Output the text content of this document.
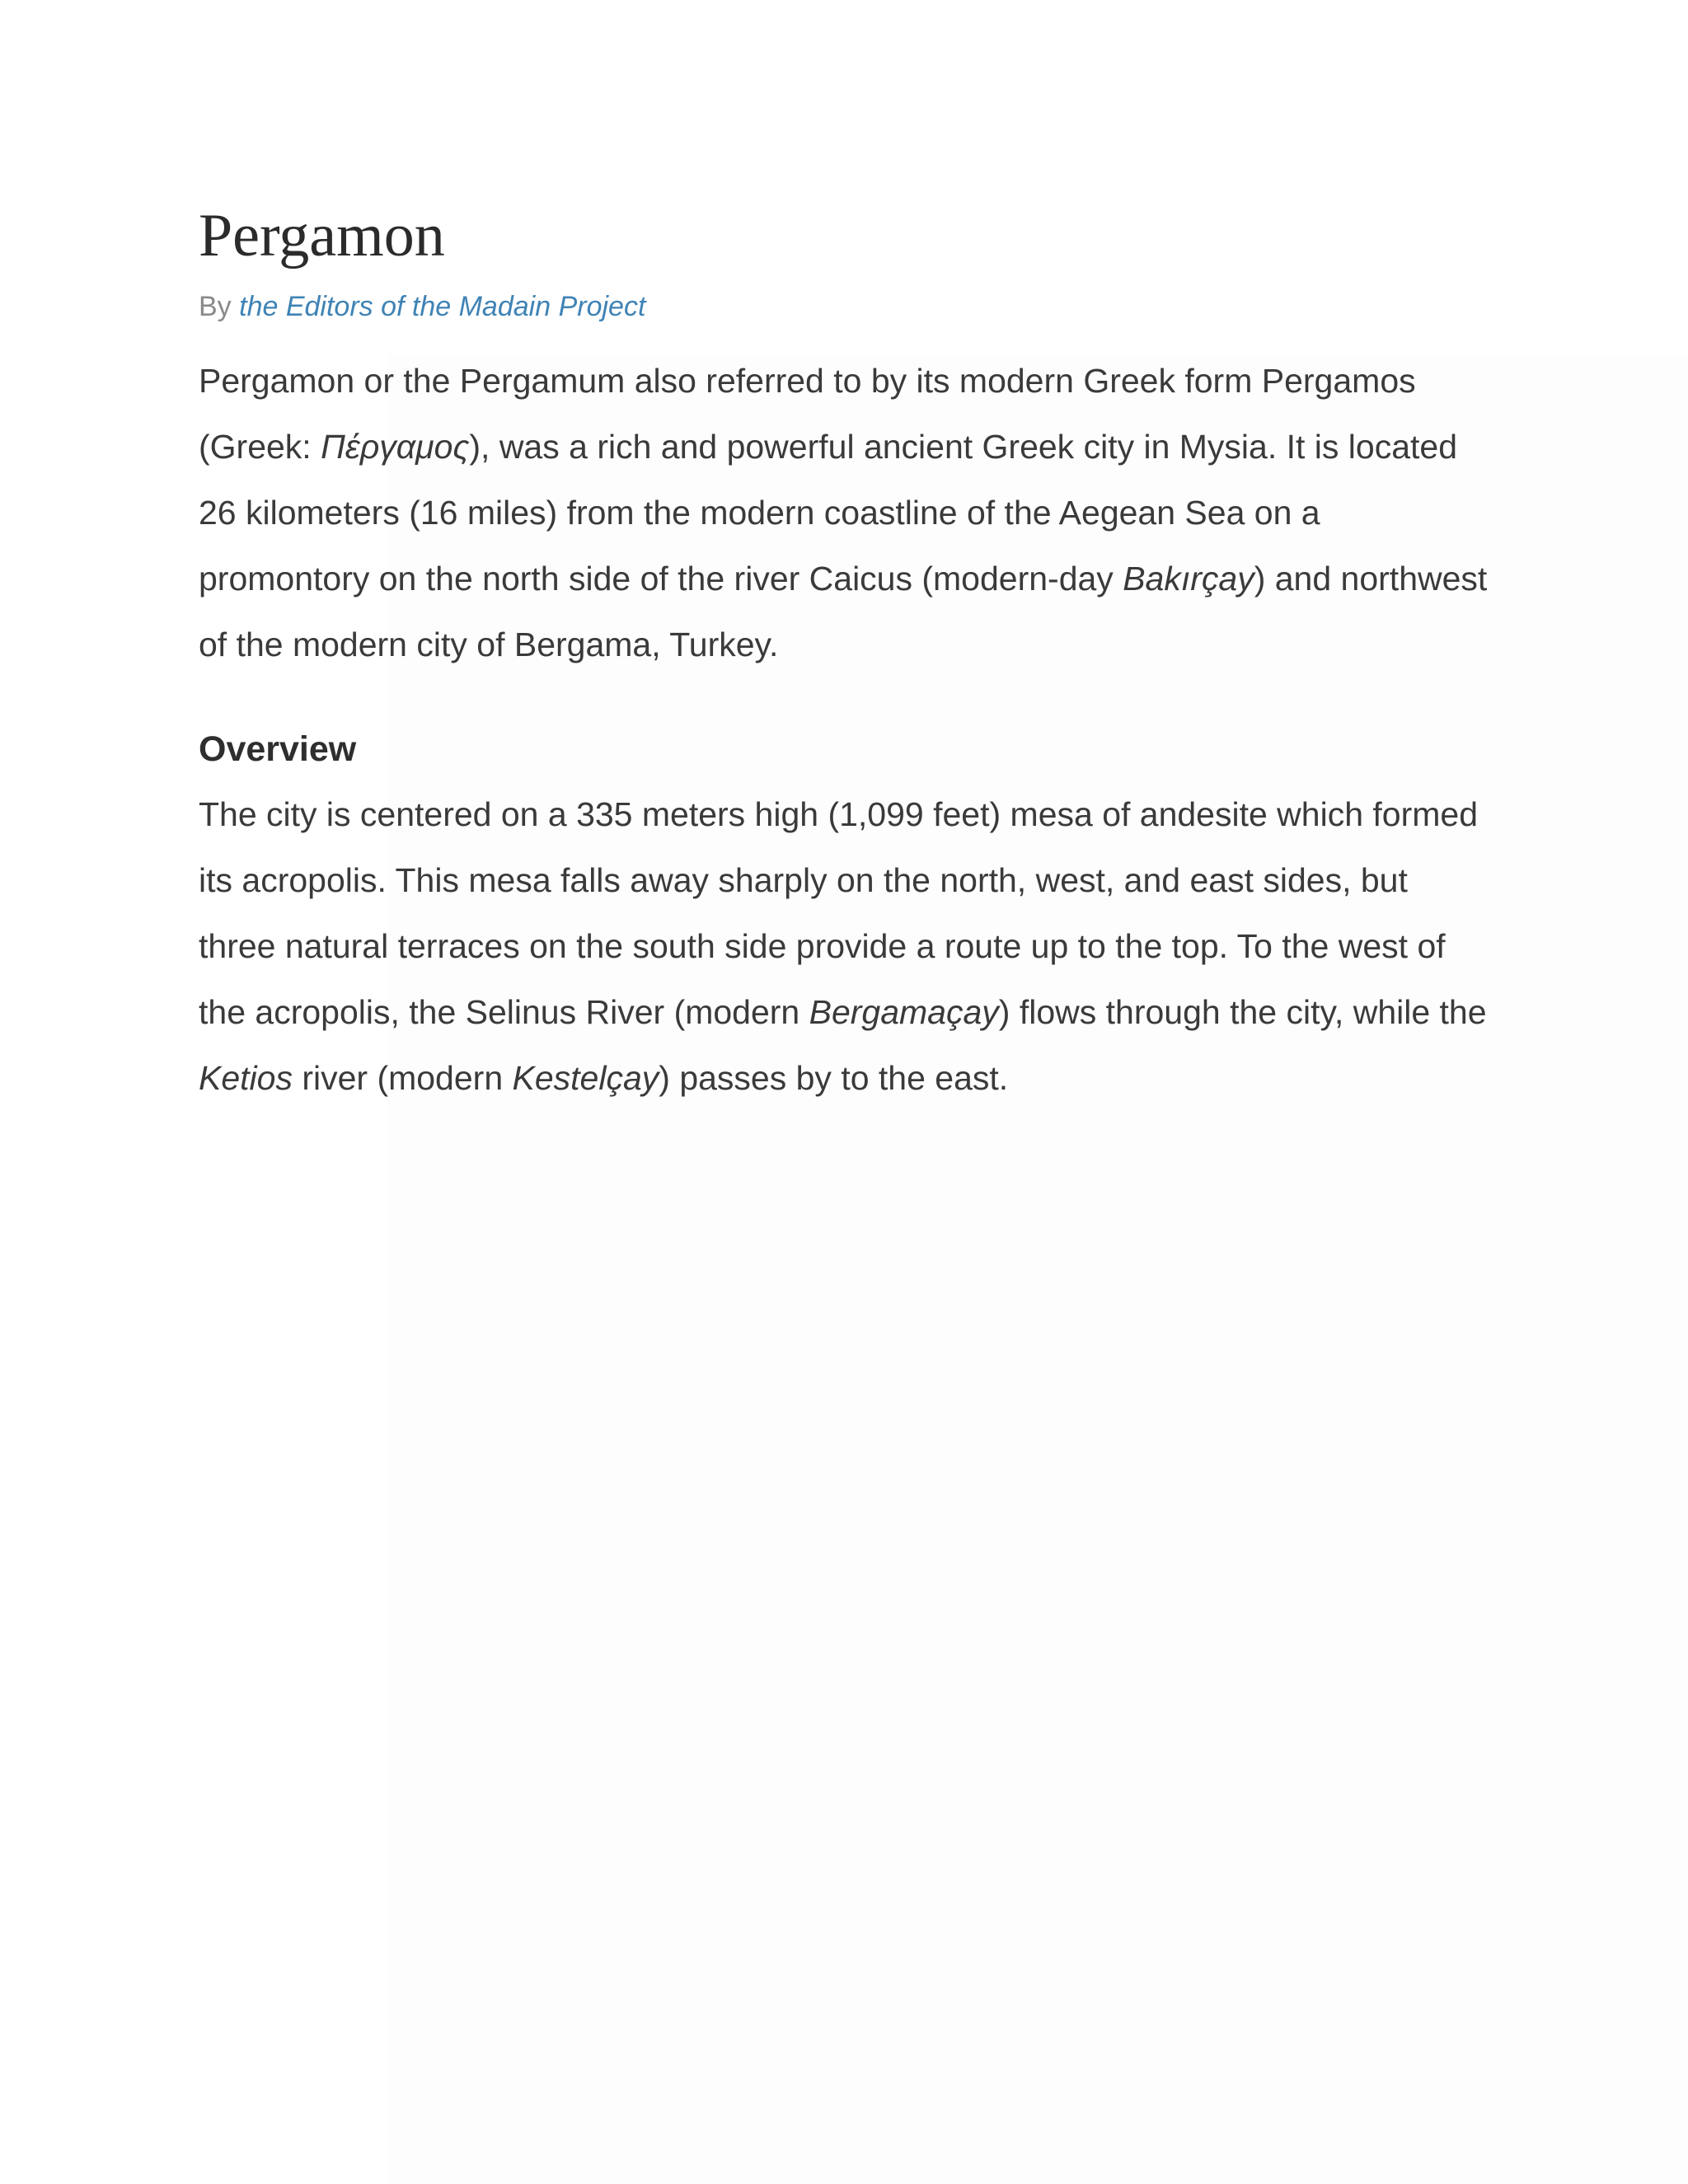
Pergamon
By the Editors of the Madain Project

Pergamon or the Pergamum also referred to by its modern Greek form Pergamos (Greek: Πέργαμος), was a rich and powerful ancient Greek city in Mysia. It is located 26 kilometers (16 miles) from the modern coastline of the Aegean Sea on a promontory on the north side of the river Caicus (modern-day Bakırçay) and northwest of the modern city of Bergama, Turkey.

Overview

The city is centered on a 335 meters high (1,099 feet) mesa of andesite which formed its acropolis. This mesa falls away sharply on the north, west, and east sides, but three natural terraces on the south side provide a route up to the top. To the west of the acropolis, the Selinus River (modern Bergamaçay) flows through the city, while the Ketios river (modern Kestelçay) passes by to the east.
